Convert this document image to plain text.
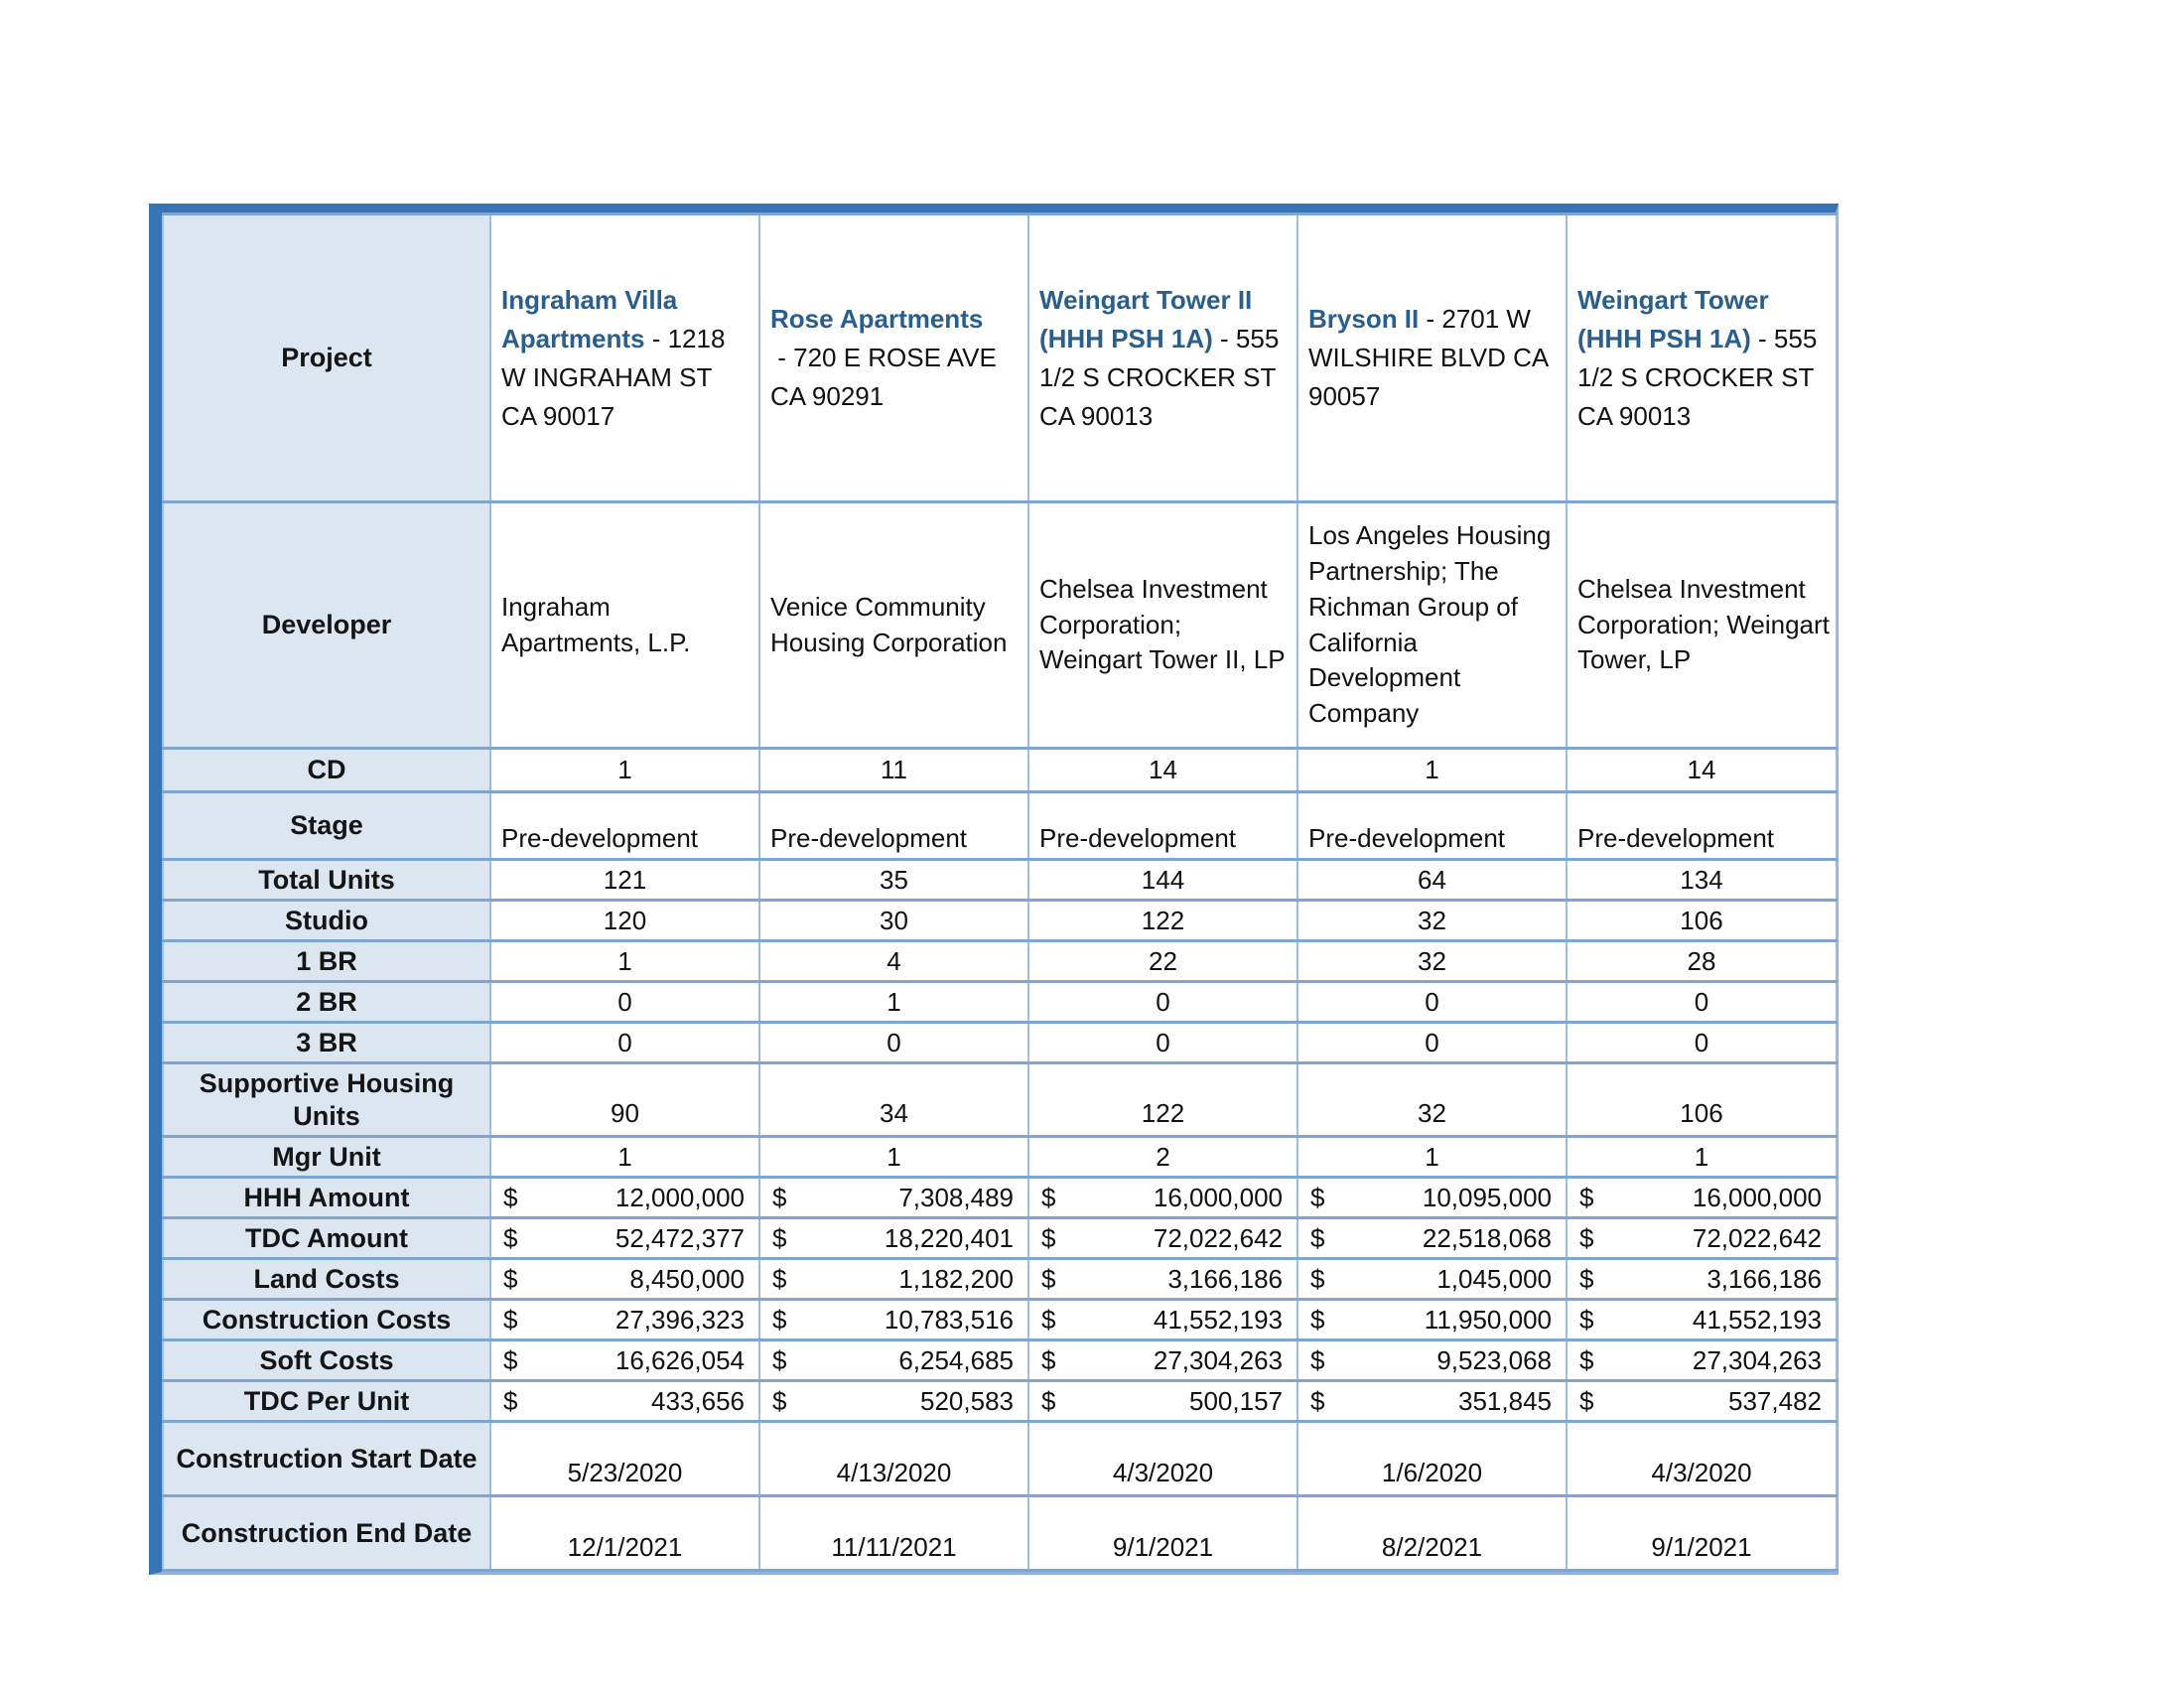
Project	Ingraham Villa Apartments - 1218 W INGRAHAM ST CA 90017	Rose Apartments - 720 E ROSE AVE CA 90291	Weingart Tower II (HHH PSH 1A) - 555 1/2 S CROCKER ST CA 90013	Bryson II - 2701 W WILSHIRE BLVD CA 90057	Weingart Tower (HHH PSH 1A) - 555 1/2 S CROCKER ST CA 90013
Developer	Ingraham Apartments, L.P.	Venice Community Housing Corporation	Chelsea Investment Corporation; Weingart Tower II, LP	Los Angeles Housing Partnership; The Richman Group of California Development Company	Chelsea Investment Corporation; Weingart Tower, LP
CD	1	11	14	1	14
Stage	Pre-development	Pre-development	Pre-development	Pre-development	Pre-development
Total Units	121	35	144	64	134
Studio	120	30	122	32	106
1 BR	1	4	22	32	28
2 BR	0	1	0	0	0
3 BR	0	0	0	0	0
Supportive Housing Units	90	34	122	32	106
Mgr Unit	1	1	2	1	1
HHH Amount	$ 12,000,000	$ 7,308,489	$ 16,000,000	$ 10,095,000	$ 16,000,000

TDC Amount	$ 52,472,377	$ 18,220,401	$ 72,022,642	$ 22,518,068	$ 72,022,642

Land Costs	$ 8,450,000	$ 1,182,200	$ 3,166,186	$ 1,045,000	$ 3,166,186

Construction Costs	$ 27,396,323	$ 10,783,516	$ 41,552,193	$ 11,950,000	$ 41,552,193

Soft Costs	$ 16,626,054	$ 6,254,685	$ 27,304,263	$ 9,523,068	$ 27,304,263

TDC Per Unit	$ 433,656	$ 520,583	$ 500,157	$ 351,845	$ 537,482

Construction Start Date	5/23/2020	4/13/2020	4/3/2020	1/6/2020	4/3/2020
Construction End Date	12/1/2021	11/11/2021	9/1/2021	8/2/2021	9/1/2021
